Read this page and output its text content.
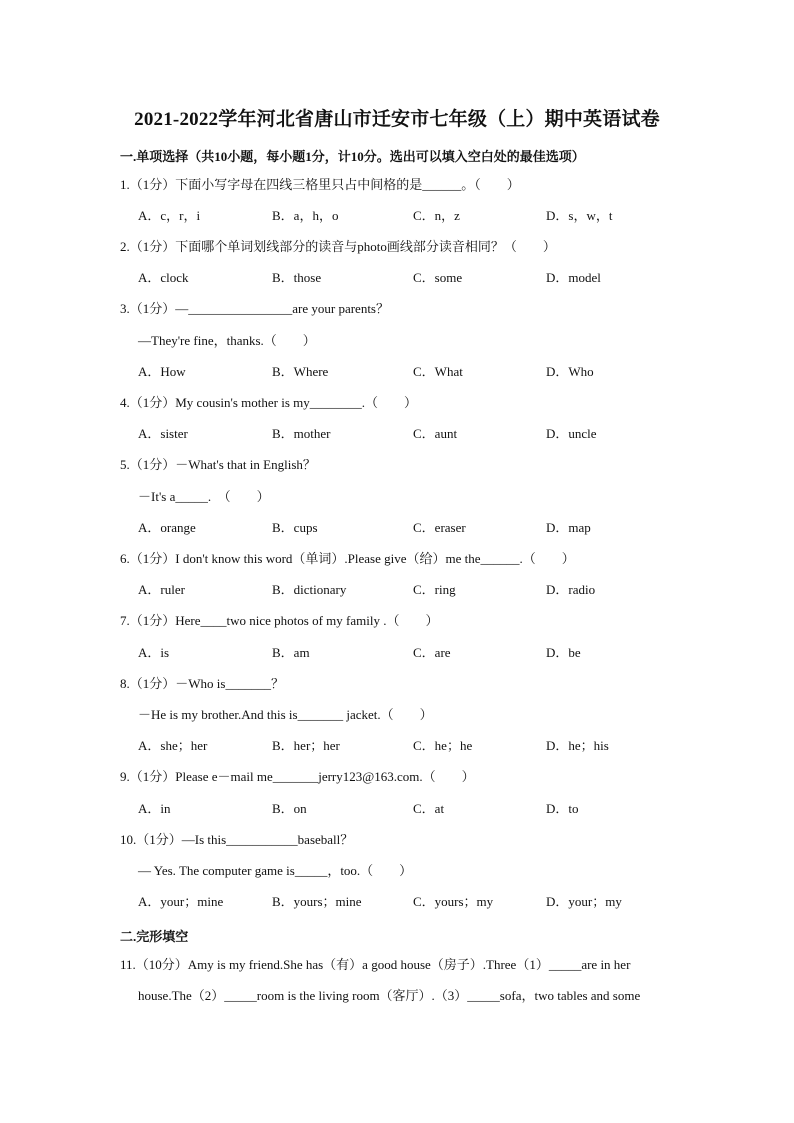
2021-2022学年河北省唐山市迁安市七年级（上）期中英语试卷
一.单项选择（共10小题，每小题1分，计10分。选出可以填入空白处的最佳选项）
1.（1分）下面小写字母在四线三格里只占中间格的是______。（　　）
A．c，r，i	B．a，h，o	C．n，z	D．s，w，t
2.（1分）下面哪个单词划线部分的读音与photo画线部分读音相同？（　　）
A．clock	B．those	C．some	D．model
3.（1分）—________________are your parents？
—They're fine，thanks.（　　）
A．How	B．Where	C．What	D．Who
4.（1分）My cousin's mother is my________.（　　）
A．sister	B．mother	C．aunt	D．uncle
5.（1分）－What's that in English？
－It's a_____.　（　　）
A．orange	B．cups	C．eraser	D．map
6.（1分）I don't know this word（单词）.Please give（给）me the______.（　　）
A．ruler	B．dictionary	C．ring	D．radio
7.（1分）Here____two nice photos of my family .（　　）
A．is	B．am	C．are	D．be
8.（1分）－Who is_______？
－He is my brother.And this is_______ jacket.（　　）
A．she；her	B．her；her	C．he；he	D．he；his
9.（1分）Please e－mail me_______jerry123@163.com.（　　）
A．in	B．on	C．at	D．to
10.（1分）—Is this___________baseball？
— Yes. The computer game is_____，too.（　　）
A．your；mine	B．yours；mine	C．yours；my	D．your；my
二.完形填空
11.（10分）Amy is my friend.She has（有）a good house（房子）.Three（1）_____are in her
house.The（2）_____room is the living room（客厅）.（3）_____sofa，two tables and some
